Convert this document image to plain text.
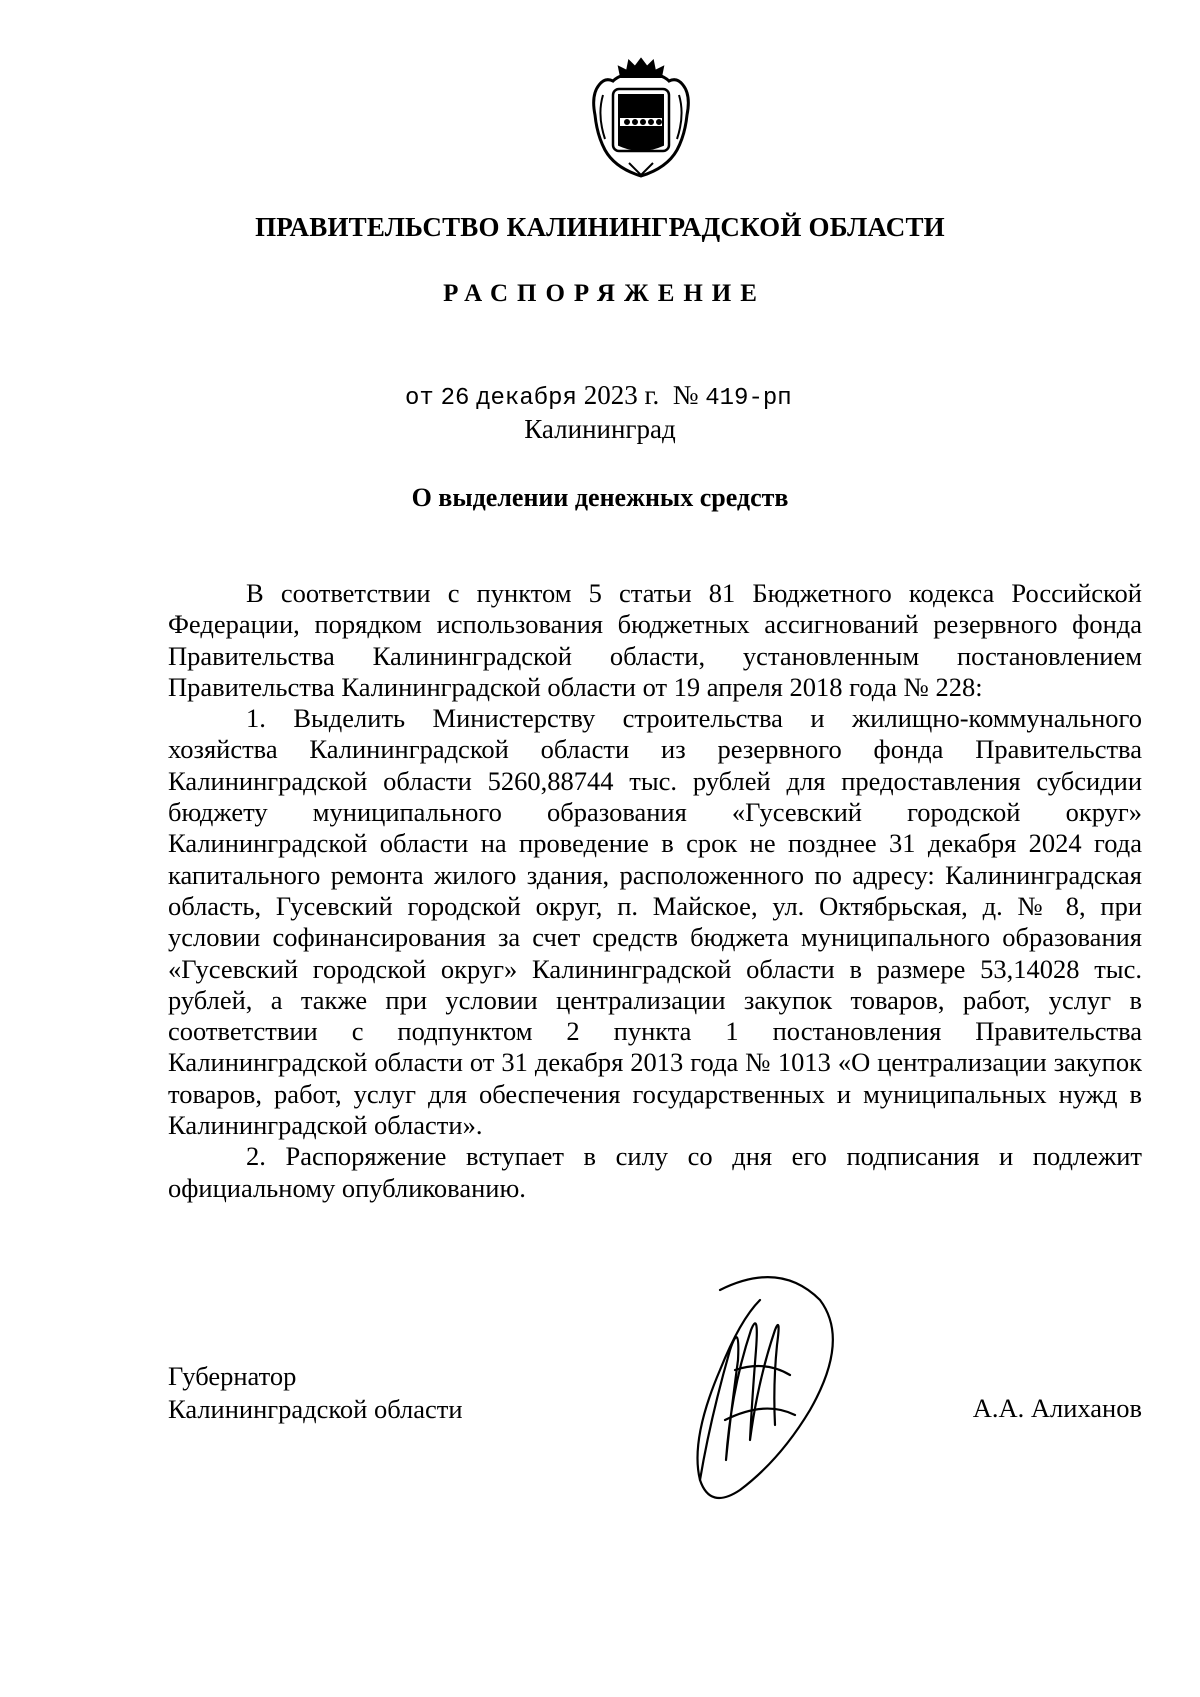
ПРАВИТЕЛЬСТВО КАЛИНИНГРАДСКОЙ ОБЛАСТИ
РАСПОРЯЖЕНИЕ
от 26 декабря 2023 г. № 419-рп
Калининград
О выделении денежных средств

В соответствии с пунктом 5 статьи 81 Бюджетного кодекса Российской Федерации, порядком использования бюджетных ассигнований резервного фонда Правительства Калининградской области, установленным постановлением Правительства Калининградской области от 19 апреля 2018 года № 228:

1. Выделить Министерству строительства и жилищно-коммунального хозяйства Калининградской области из резервного фонда Правительства Калининградской области 5260,88744 тыс. рублей для предоставления субсидии бюджету муниципального образования «Гусевский городской округ» Калининградской области на проведение в срок не позднее 31 декабря 2024 года капитального ремонта жилого здания, расположенного по адресу: Калининградская область, Гусевский городской округ, п. Майское, ул. Октябрьская, д. № 8, при условии софинансирования за счет средств бюджета муниципального образования «Гусевский городской округ» Калининградской области в размере 53,14028 тыс. рублей, а также при условии централизации закупок товаров, работ, услуг в соответствии с подпунктом 2 пункта 1 постановления Правительства Калининградской области от 31 декабря 2013 года № 1013 «О централизации закупок товаров, работ, услуг для обеспечения государственных и муниципальных нужд в Калининградской области».

2. Распоряжение вступает в силу со дня его подписания и подлежит официальному опубликованию.

Губернатор
Калининградской области	А.А. Алиханов
